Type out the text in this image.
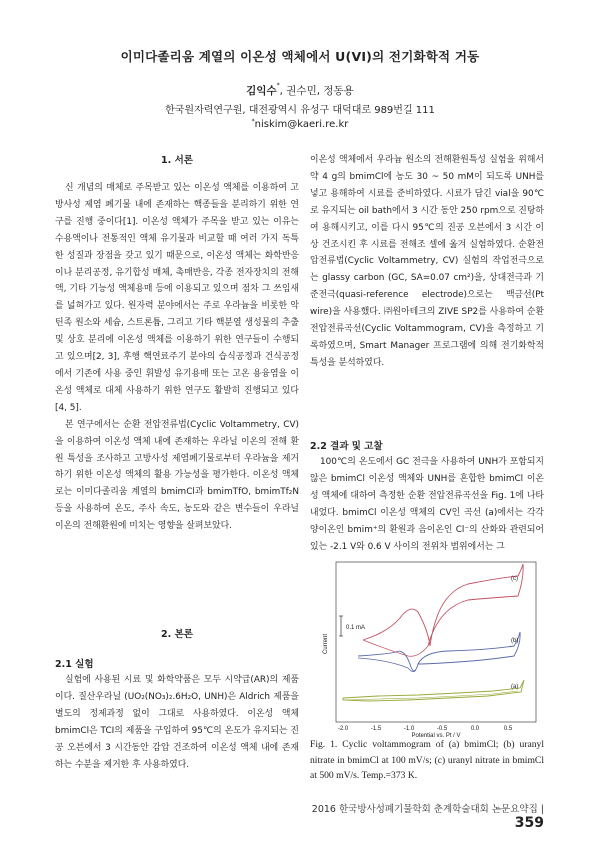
이미다졸리움 계열의 이온성 액체에서 U(VI)의 전기화학적 거동
김익수*, 권수민, 정동용
한국원자력연구원, 대전광역시 유성구 대덕대로 989번길 111
*niskim@kaeri.re.kr
1. 서론

신 개념의 매체로 주목받고 있는 이온성 액체를 이용하여 고방사성 제염 폐기물 내에 존재하는 핵종들을 분리하기 위한 연구를 진행 중이다[1]. 이온성 액체가 주목을 받고 있는 이유는 수용액이나 전통적인 액체 유기물과 비교할 때 여러 가지 독특한 성질과 장점을 갖고 있기 때문으로, 이온성 액체는 화학반응이나 분리공정, 유기합성 매체, 촉매반응, 각종 전자장치의 전해액, 기타 기능성 액체용매 등에 이용되고 있으며 점차 그 쓰임새를 넓혀가고 있다. 원자력 분야에서는 주로 우라늄을 비롯한 악틴족 원소와 세슘, 스트론튬, 그리고 기타 핵분열 생성물의 추출 및 상호 분리에 이온성 액체를 이용하기 위한 연구들이 수행되고 있으며[2, 3], 후행 핵연료주기 분야의 습식공정과 건식공정에서 기존에 사용 중인 휘발성 유기용매 또는 고온 용융염을 이온성 액체로 대체 사용하기 위한 연구도 활발히 진행되고 있다[4, 5].

본 연구에서는 순환 전압전류법(Cyclic Voltammetry, CV)을 이용하여 이온성 액체 내에 존재하는 우라닐 이온의 전해 환원 특성을 조사하고 고방사성 제염폐기물로부터 우라늄을 제거하기 위한 이온성 액체의 활용 가능성을 평가한다. 이온성 액체로는 이미다졸리움 계열의 bmimCl과 bmimTfO, bmimTf₂N 등을 사용하여 온도, 주사 속도, 농도와 같은 변수들이 우라닐 이온의 전해환원에 미치는 영향을 살펴보았다.

2. 본론
2.1 실험

실험에 사용된 시료 및 화학약품은 모두 시약급(AR)의 제품이다. 질산우라닐 (UO₂(NO₃)₂.6H₂O, UNH)은 Aldrich 제품을 별도의 정제과정 없이 그대로 사용하였다. 이온성 액체 bmimCl은 TCI의 제품을 구입하여 95℃의 온도가 유지되는 진공 오븐에서 3 시간동안 감압 건조하여 이온성 액체 내에 존재하는 수분을 제거한 후 사용하였다.

이온성 액체에서 우라늄 원소의 전해환원특성 실험을 위해서 약 4 g의 bmimCl에 농도 30 ~ 50 mM이 되도록 UNH를 넣고 용해하여 시료를 준비하였다. 시료가 담긴 vial을 90℃로 유지되는 oil bath에서 3 시간 동안 250 rpm으로 진탕하여 용해시키고, 이를 다시 95℃의 진공 오븐에서 3 시간 이상 건조시킨 후 시료를 전해조 셀에 옮겨 실험하였다. 순환전압전류법(Cyclic Voltammetry, CV) 실험의 작업전극으로는 glassy carbon (GC, SA=0.07 cm²)을, 상대전극과 기준전극(quasi-reference electrode)으로는 백금선(Pt wire)을 사용했다. ㈜원아테크의 ZIVE SP2를 사용하여 순환 전압전류곡선(Cyclic Voltammogram, CV)을 측정하고 기록하였으며, Smart Manager 프로그램에 의해 전기화학적 특성을 분석하였다.

2.2 결과 및 고찰

100℃의 온도에서 GC 전극을 사용하여 UNH가 포함되지 않은 bmimCl 이온성 액체와 UNH를 혼합한 bmimCl 이온성 액체에 대하여 측정한 순환 전압전류곡선을 Fig. 1에 나타내었다. bmimCl 이온성 액체의 CV인 곡선 (a)에서는 각각 양이온인 bmim⁺의 환원과 음이온인 Cl⁻의 산화와 관련되어 있는 -2.1 V와 0.6 V 사이의 전위차 범위에서는 그

0.1 mA
Current
(a)
(b)
(c)
-2.0	-1.5	-1.0	-0.5	0.0	0.5
Potential vs. Pt / V
Fig. 1. Cyclic voltammogram of (a) bmimCl; (b) uranyl nitrate in bmimCl at 100 mV/s; (c) uranyl nitrate in bmimCl at 500 mV/s. Temp.=373 K.
2016 한국방사성폐기물학회 춘계학술대회 논문요약집 | 359
